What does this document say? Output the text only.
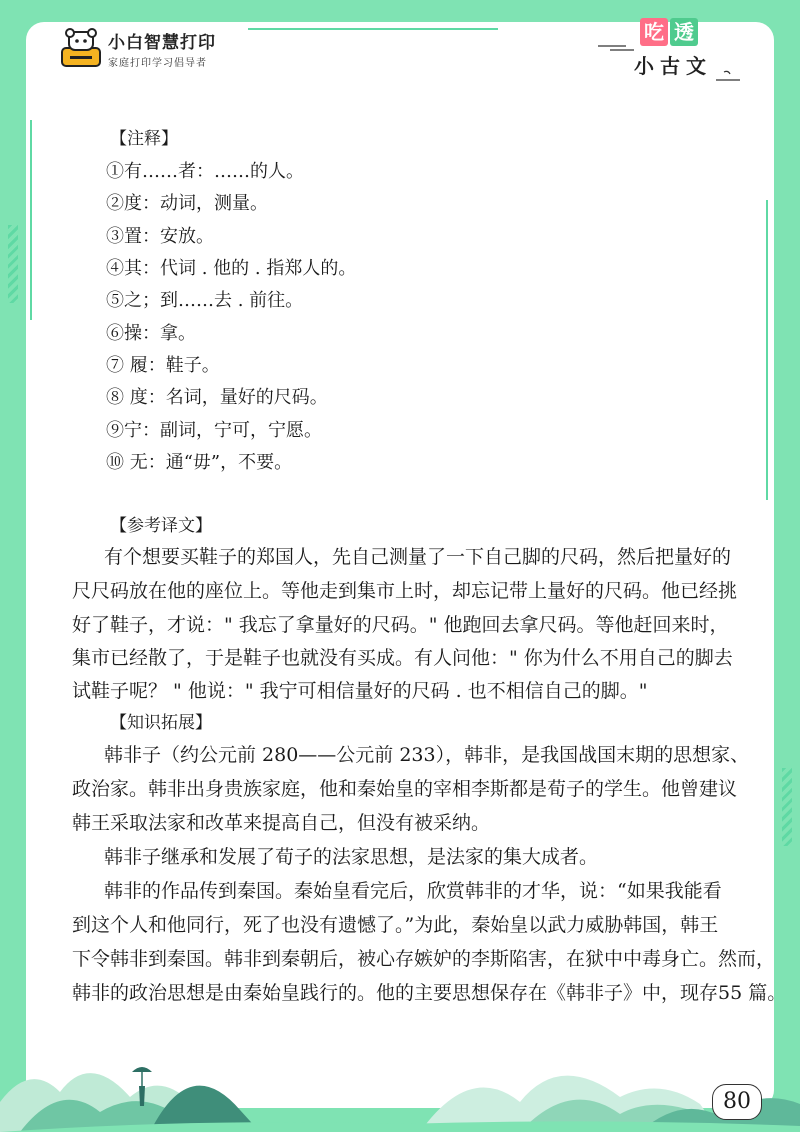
小白智慧打印
家庭打印学习倡导者
吃 透
小古文
【注释】
①有……者：……的人。
②度：动词，测量。
③置：安放。
④其：代词 . 他的 . 指郑人的。
⑤之；到……去 . 前往。
⑥操：拿。
⑦ 履：鞋子。
⑧ 度：名词，量好的尺码。
⑨宁：副词，宁可，宁愿。
⑩ 无：通“毋”，不要。
【参考译文】
有个想要买鞋子的郑国人，先自己测量了一下自己脚的尺码，然后把量好的
尺尺码放在他的座位上。等他走到集市上时，却忘记带上量好的尺码。他已经挑
好了鞋子，才说：" 我忘了拿量好的尺码。" 他跑回去拿尺码。等他赶回来时，
集市已经散了，于是鞋子也就没有买成。有人问他：" 你为什么不用自己的脚去
试鞋子呢？ " 他说：" 我宁可相信量好的尺码 . 也不相信自己的脚。"
【知识拓展】
韩非子（约公元前 280——公元前 233），韩非，是我国战国末期的思想家、
政治家。韩非出身贵族家庭，他和秦始皇的宰相李斯都是荀子的学生。他曾建议
韩王采取法家和改革来提高自己，但没有被采纳。
韩非子继承和发展了荀子的法家思想，是法家的集大成者。
韩非的作品传到秦国。秦始皇看完后，欣赏韩非的才华，说：“如果我能看
到这个人和他同行，死了也没有遗憾了。”为此，秦始皇以武力威胁韩国，韩王
下令韩非到秦国。韩非到秦朝后，被心存嫉妒的李斯陷害，在狱中中毒身亡。然而，
韩非的政治思想是由秦始皇践行的。他的主要思想保存在《韩非子》中，现存55 篇。
80
